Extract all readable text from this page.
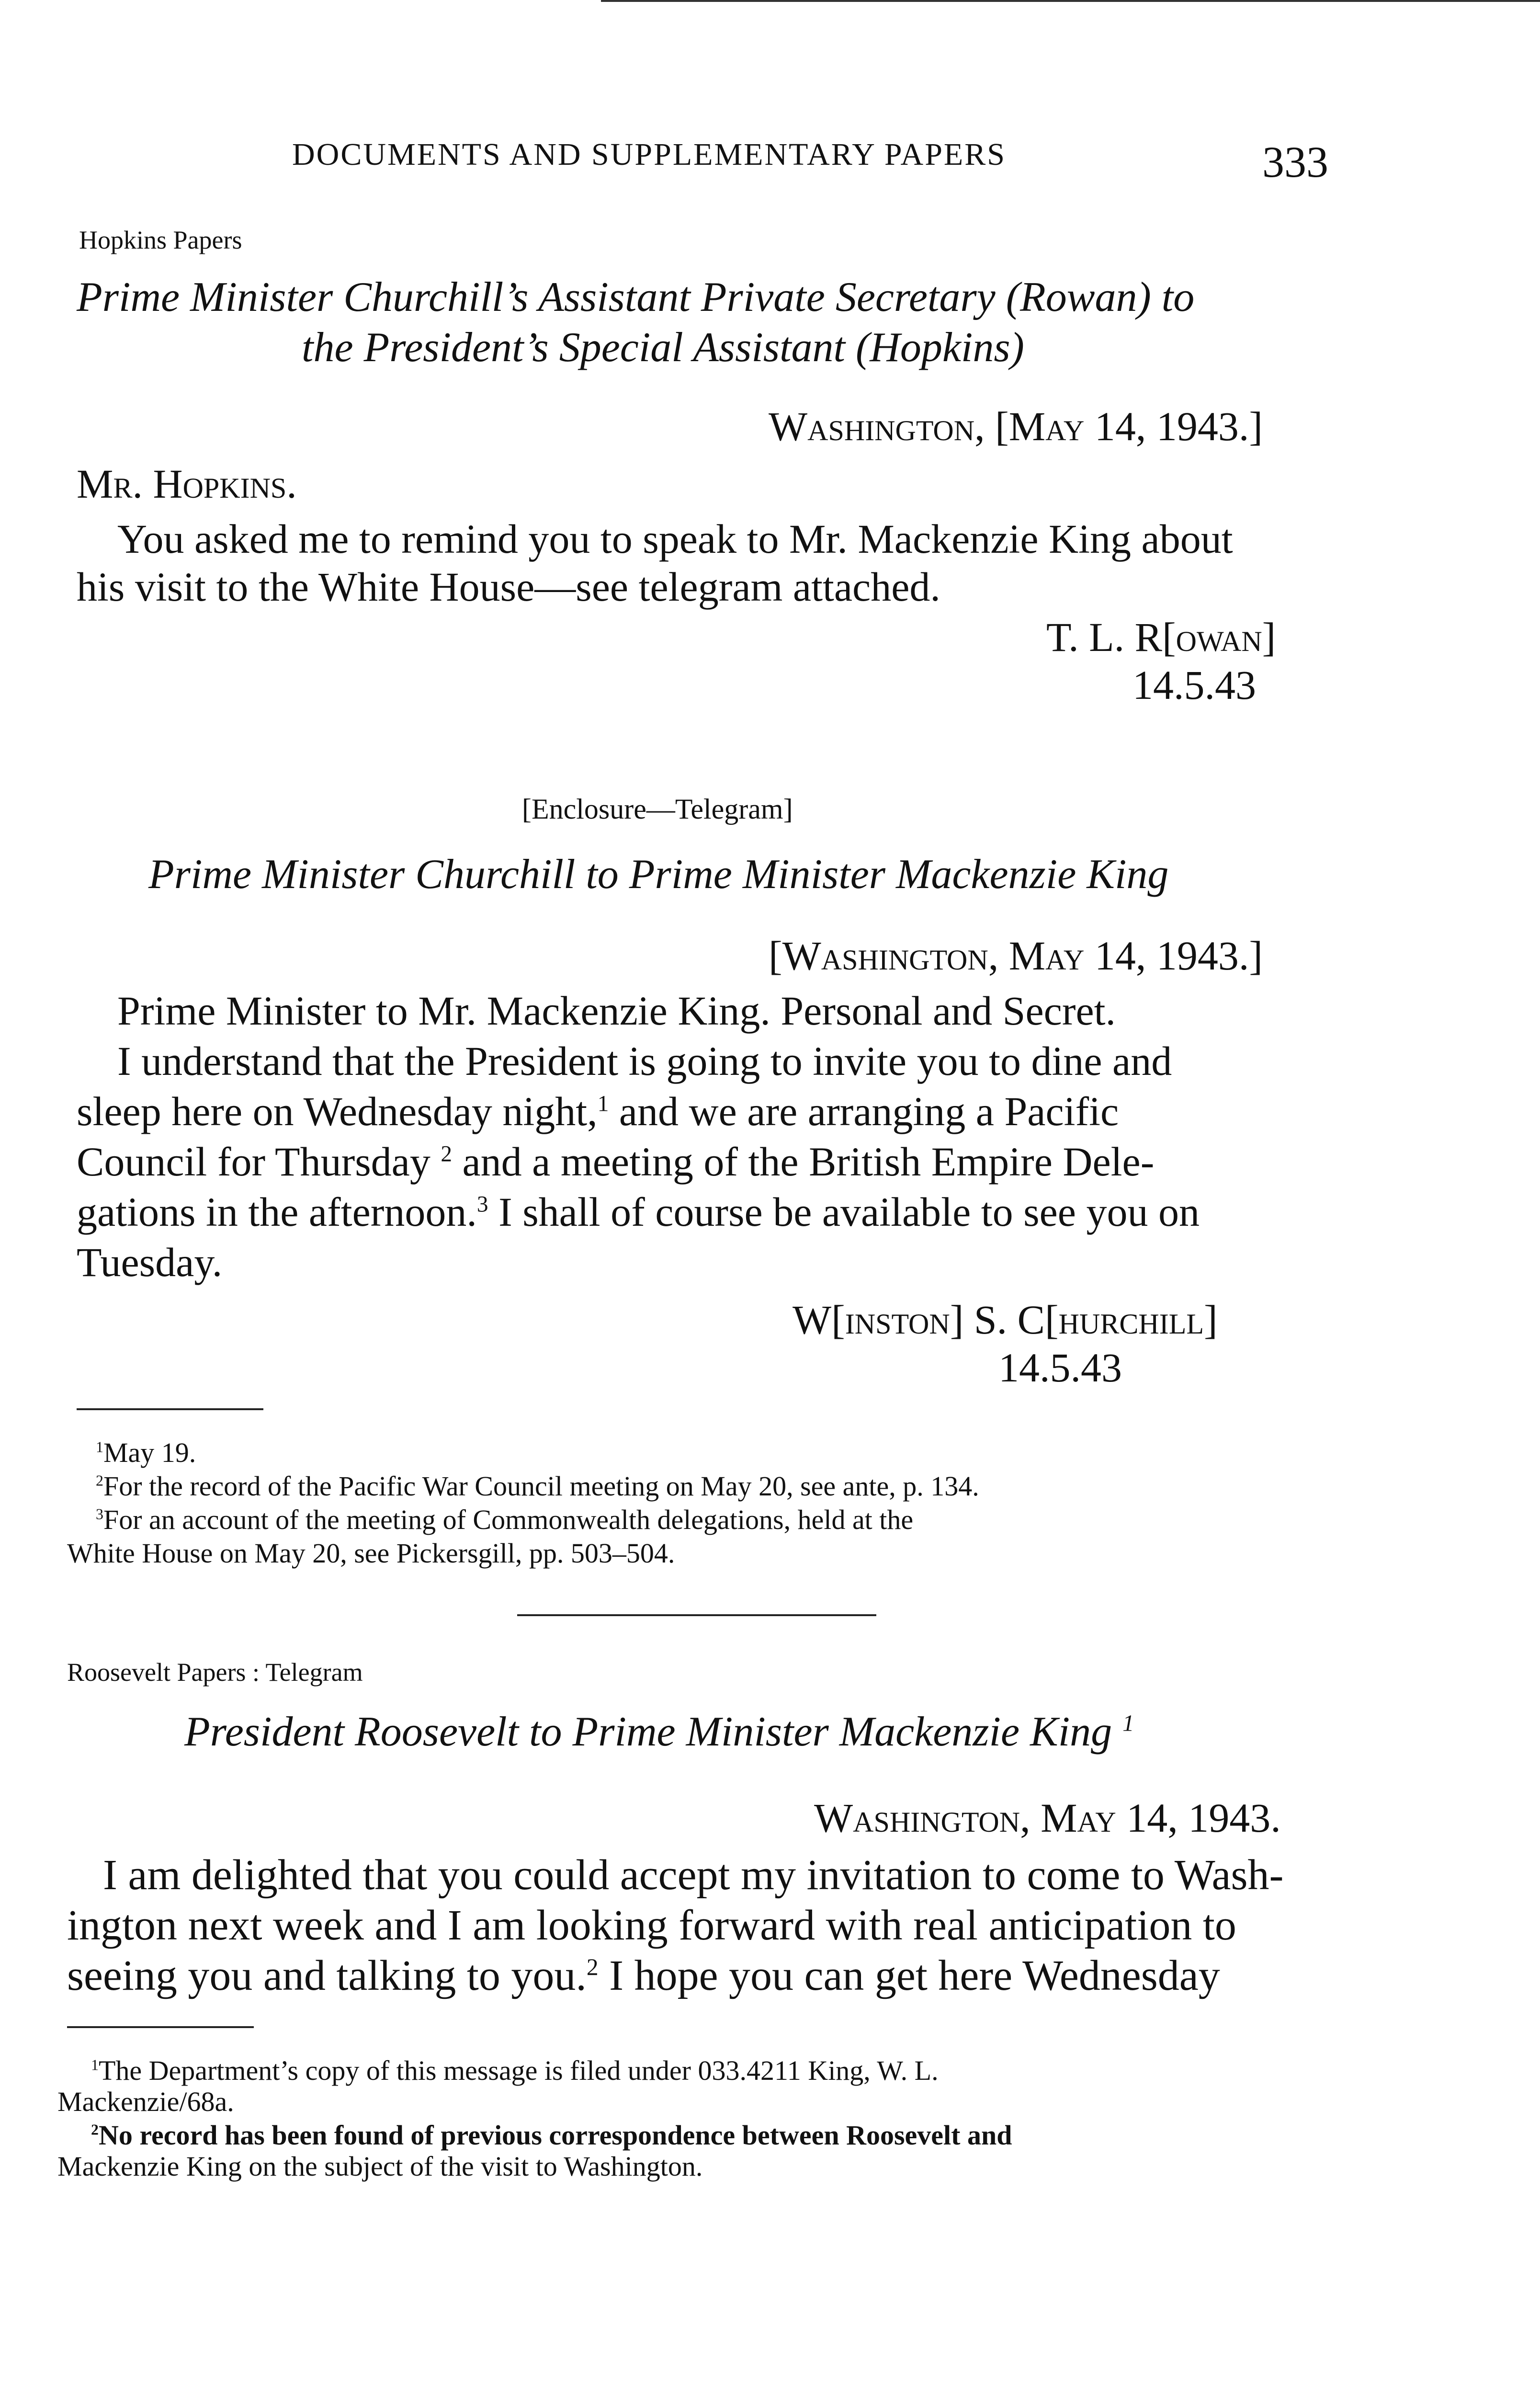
DOCUMENTS AND SUPPLEMENTARY PAPERS	333
Hopkins Papers
Prime Minister Churchill’s Assistant Private Secretary (Rowan) to
the President’s Special Assistant (Hopkins)
Washington, [May 14, 1943.]
Mr. Hopkins.
You asked me to remind you to speak to Mr. Mackenzie King about
his visit to the White House—see telegram attached.
T. L. R[owan]
14.5.43
[Enclosure—Telegram]
Prime Minister Churchill to Prime Minister Mackenzie King
[Washington, May 14, 1943.]
Prime Minister to Mr. Mackenzie King. Personal and Secret.
I understand that the President is going to invite you to dine and
sleep here on Wednesday night,$^1$ and we are arranging a Pacific
Council for Thursday $^2$ and a meeting of the British Empire Dele-
gations in the afternoon.$^3$ I shall of course be available to see you on
Tuesday.
W[inston] S. C[hurchill]
14.5.43
$^1$May 19.
$^2$For the record of the Pacific War Council meeting on May 20, see ante, p. 134.
$^3$For an account of the meeting of Commonwealth delegations, held at the
White House on May 20, see Pickersgill, pp. 503–504.
Roosevelt Papers : Telegram
President Roosevelt to Prime Minister Mackenzie King $^1$
Washington, May 14, 1943.
I am delighted that you could accept my invitation to come to Wash-
ington next week and I am looking forward with real anticipation to
seeing you and talking to you.$^2$ I hope you can get here Wednesday
$^1$The Department’s copy of this message is filed under 033.4211 King, W. L.
Mackenzie/68a.
$^2$No record has been found of previous correspondence between Roosevelt and
Mackenzie King on the subject of the visit to Washington.
